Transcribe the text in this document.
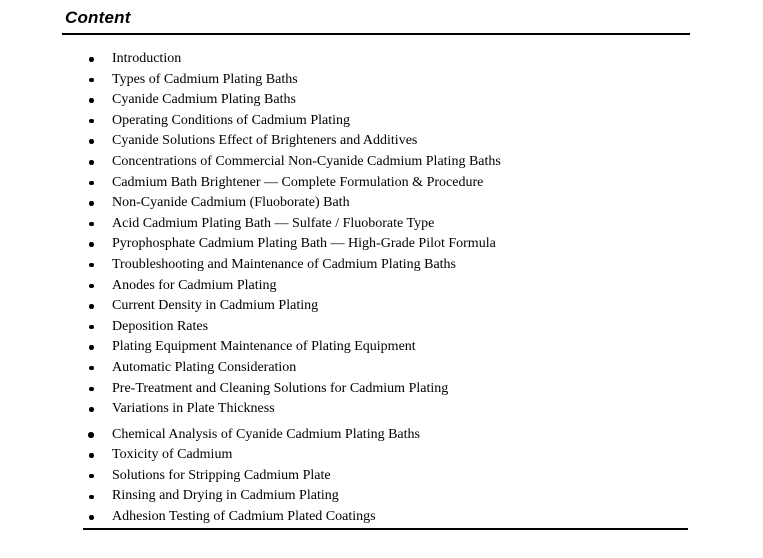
Content
Introduction
Types of Cadmium Plating Baths
Cyanide Cadmium Plating Baths
Operating Conditions of Cadmium Plating
Cyanide Solutions Effect of Brighteners and Additives
Concentrations of Commercial Non-Cyanide Cadmium Plating Baths
Cadmium Bath Brightener — Complete Formulation & Procedure
Non-Cyanide Cadmium (Fluoborate) Bath
Acid Cadmium Plating Bath — Sulfate / Fluoborate Type
Pyrophosphate Cadmium Plating Bath — High-Grade Pilot Formula
Troubleshooting and Maintenance of Cadmium Plating Baths
Anodes for Cadmium Plating
Current Density in Cadmium Plating
Deposition Rates
Plating Equipment Maintenance of Plating Equipment
Automatic Plating Consideration
Pre-Treatment and Cleaning Solutions for Cadmium Plating
Variations in Plate Thickness
Chemical Analysis of Cyanide Cadmium Plating Baths
Toxicity of Cadmium
Solutions for Stripping Cadmium Plate
Rinsing and Drying in Cadmium Plating
Adhesion Testing of Cadmium Plated Coatings
